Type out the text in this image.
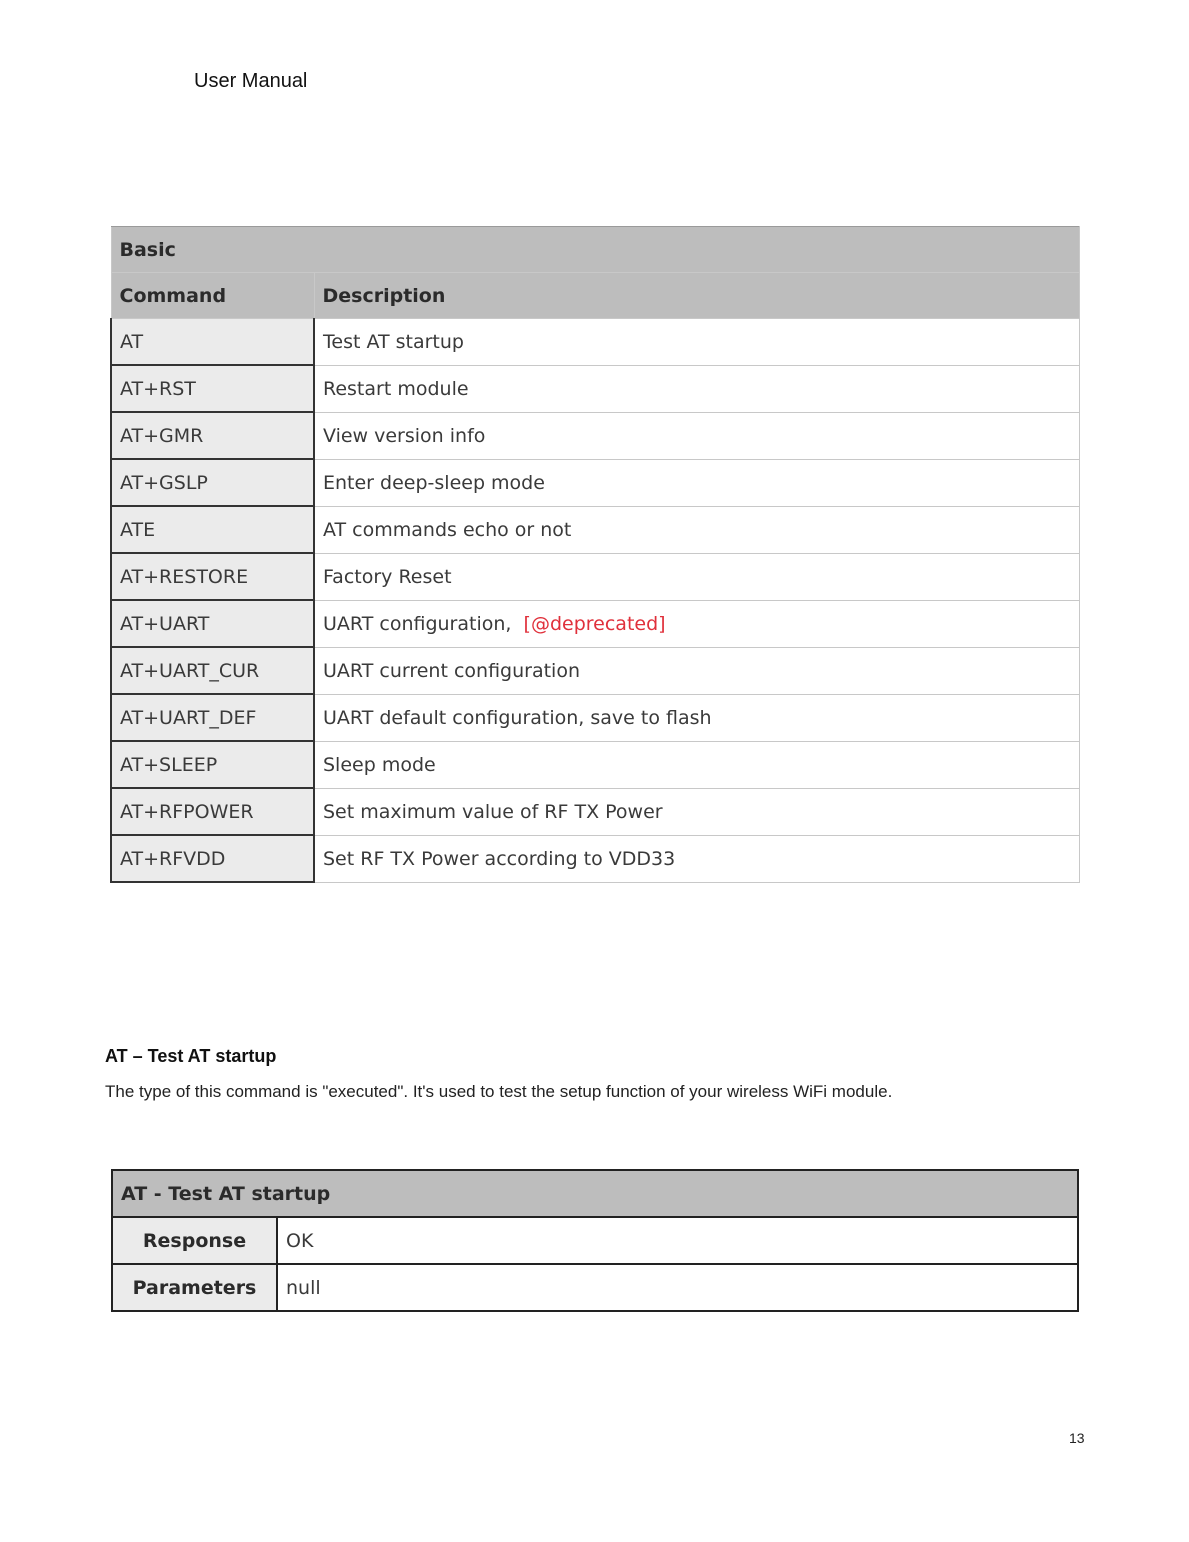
User Manual
Basic	
Command	Description
AT	Test AT startup
AT+RST	Restart module
AT+GMR	View version info
AT+GSLP	Enter deep-sleep mode
ATE	AT commands echo or not
AT+RESTORE	Factory Reset
AT+UART	UART configuration, [@deprecated]
AT+UART_CUR	UART current configuration
AT+UART_DEF	UART default configuration, save to flash
AT+SLEEP	Sleep mode
AT+RFPOWER	Set maximum value of RF TX Power
AT+RFVDD	Set RF TX Power according to VDD33
AT – Test AT startup
The type of this command is "executed". It's used to test the setup function of your wireless WiFi module.
AT - Test AT startup	
Response	OK
Parameters	null
13
